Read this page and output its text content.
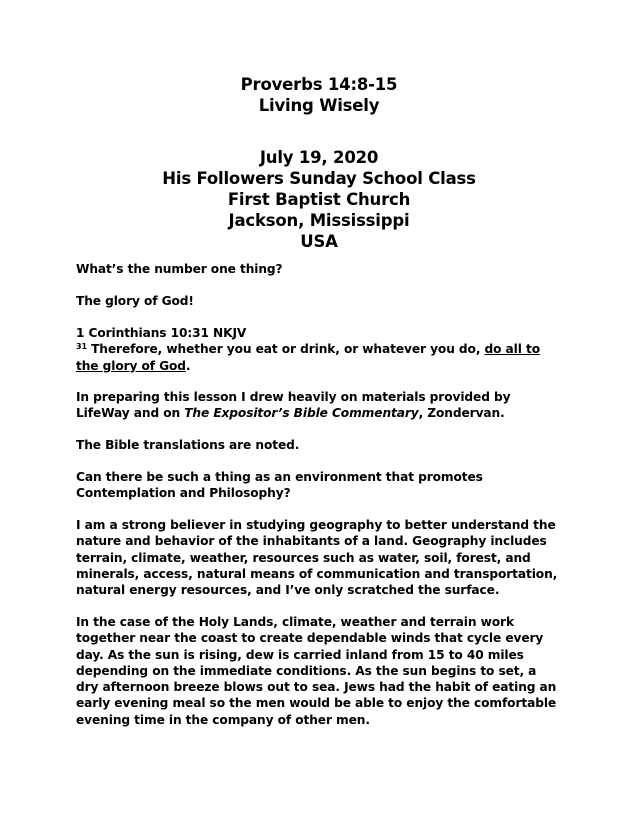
Proverbs 14:8-15
Living Wisely
July 19, 2020
His Followers Sunday School Class
First Baptist Church
Jackson, Mississippi
USA

What’s the number one thing?

The glory of God!

1 Corinthians 10:31 NKJV
$^{31}$ Therefore, whether you eat or drink, or whatever you do, do all to the glory of God.

In preparing this lesson I drew heavily on materials provided by LifeWay and on The Expositor’s Bible Commentary, Zondervan.

The Bible translations are noted.

Can there be such a thing as an environment that promotes Contemplation and Philosophy?

I am a strong believer in studying geography to better understand the nature and behavior of the inhabitants of a land. Geography includes terrain, climate, weather, resources such as water, soil, forest, and minerals, access, natural means of communication and transportation, natural energy resources, and I’ve only scratched the surface.

In the case of the Holy Lands, climate, weather and terrain work together near the coast to create dependable winds that cycle every day. As the sun is rising, dew is carried inland from 15 to 40 miles depending on the immediate conditions. As the sun begins to set, a dry afternoon breeze blows out to sea. Jews had the habit of eating an early evening meal so the men would be able to enjoy the comfortable evening time in the company of other men.
